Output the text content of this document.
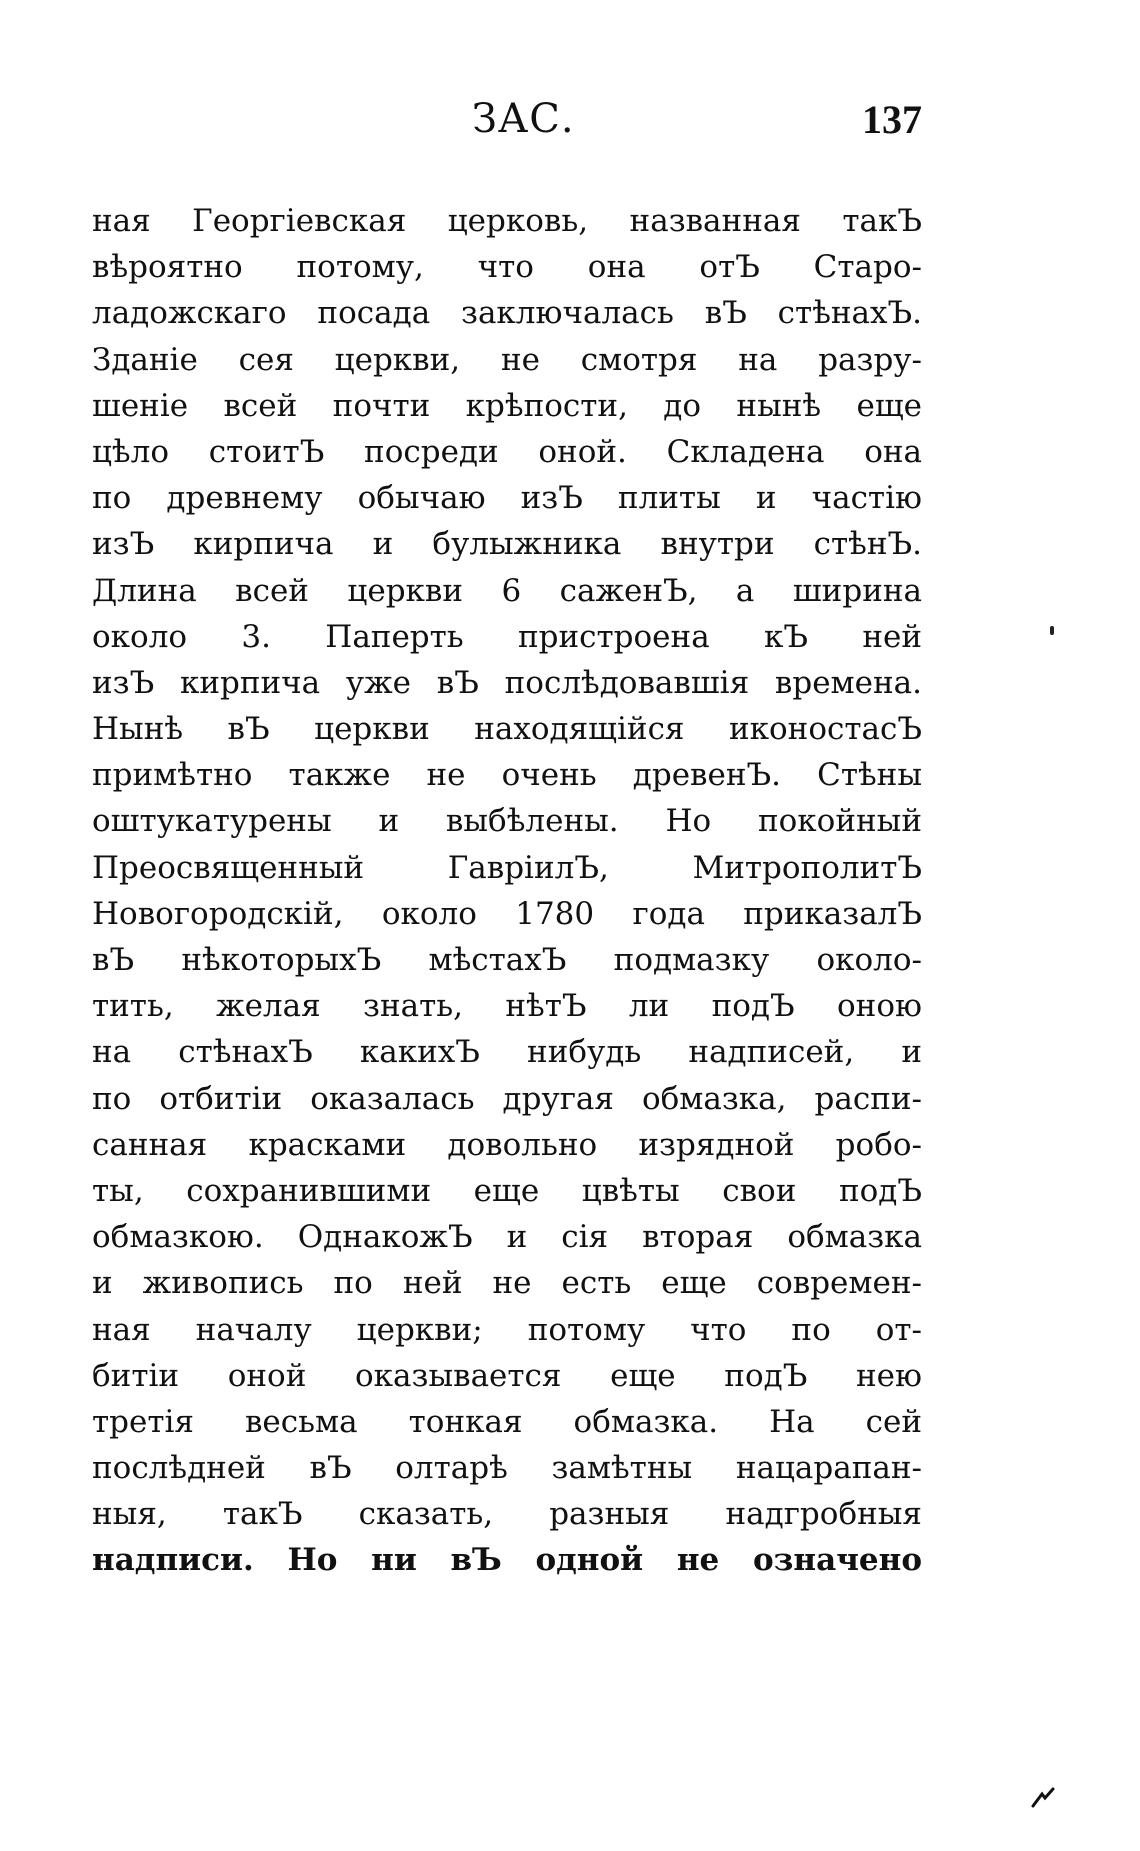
ЗАС.	137
ная Георгіевская церковь, названная такЪ
вѣроятно потому, что она отЪ Старо-
ладожскаго посада заключалась вЪ стѣнахЪ.
Зданіе сея церкви, не смотря на разру-
шеніе всей почти крѣпости, до нынѣ еще
цѣло стоитЪ посреди оной. Складена она
по древнему обычаю изЪ плиты и частію
изЪ кирпича и булыжника внутри стѣнЪ.
Длина всей церкви 6 саженЪ, а ширина
около 3. Паперть пристроена кЪ ней
изЪ кирпича уже вЪ послѣдовавшія времена.
Нынѣ вЪ церкви находящійся иконостасЪ
примѣтно также не очень древенЪ. Стѣны
оштукатурены и выбѣлены. Но покойный
Преосвященный ГавріилЪ, МитрополитЪ
Новогородскій, около 1780 года приказалЪ
вЪ нѣкоторыхЪ мѣстахЪ подмазку около-
тить, желая знать, нѣтЪ ли подЪ оною
на стѣнахЪ какихЪ нибудь надписей, и
по отбитіи оказалась другая обмазка, распи-
санная красками довольно изрядной робо-
ты, сохранившими еще цвѣты свои подЪ
обмазкою. ОднакожЪ и сія вторая обмазка
и живопись по ней не есть еще современ-
ная началу церкви; потому что по от-
битіи оной оказывается еще подЪ нею
третія весьма тонкая обмазка. На сей
послѣдней вЪ олтарѣ замѣтны нацарапан-
ныя, такЪ сказать, разныя надгробныя
надписи. Но ни вЪ одной не означено
